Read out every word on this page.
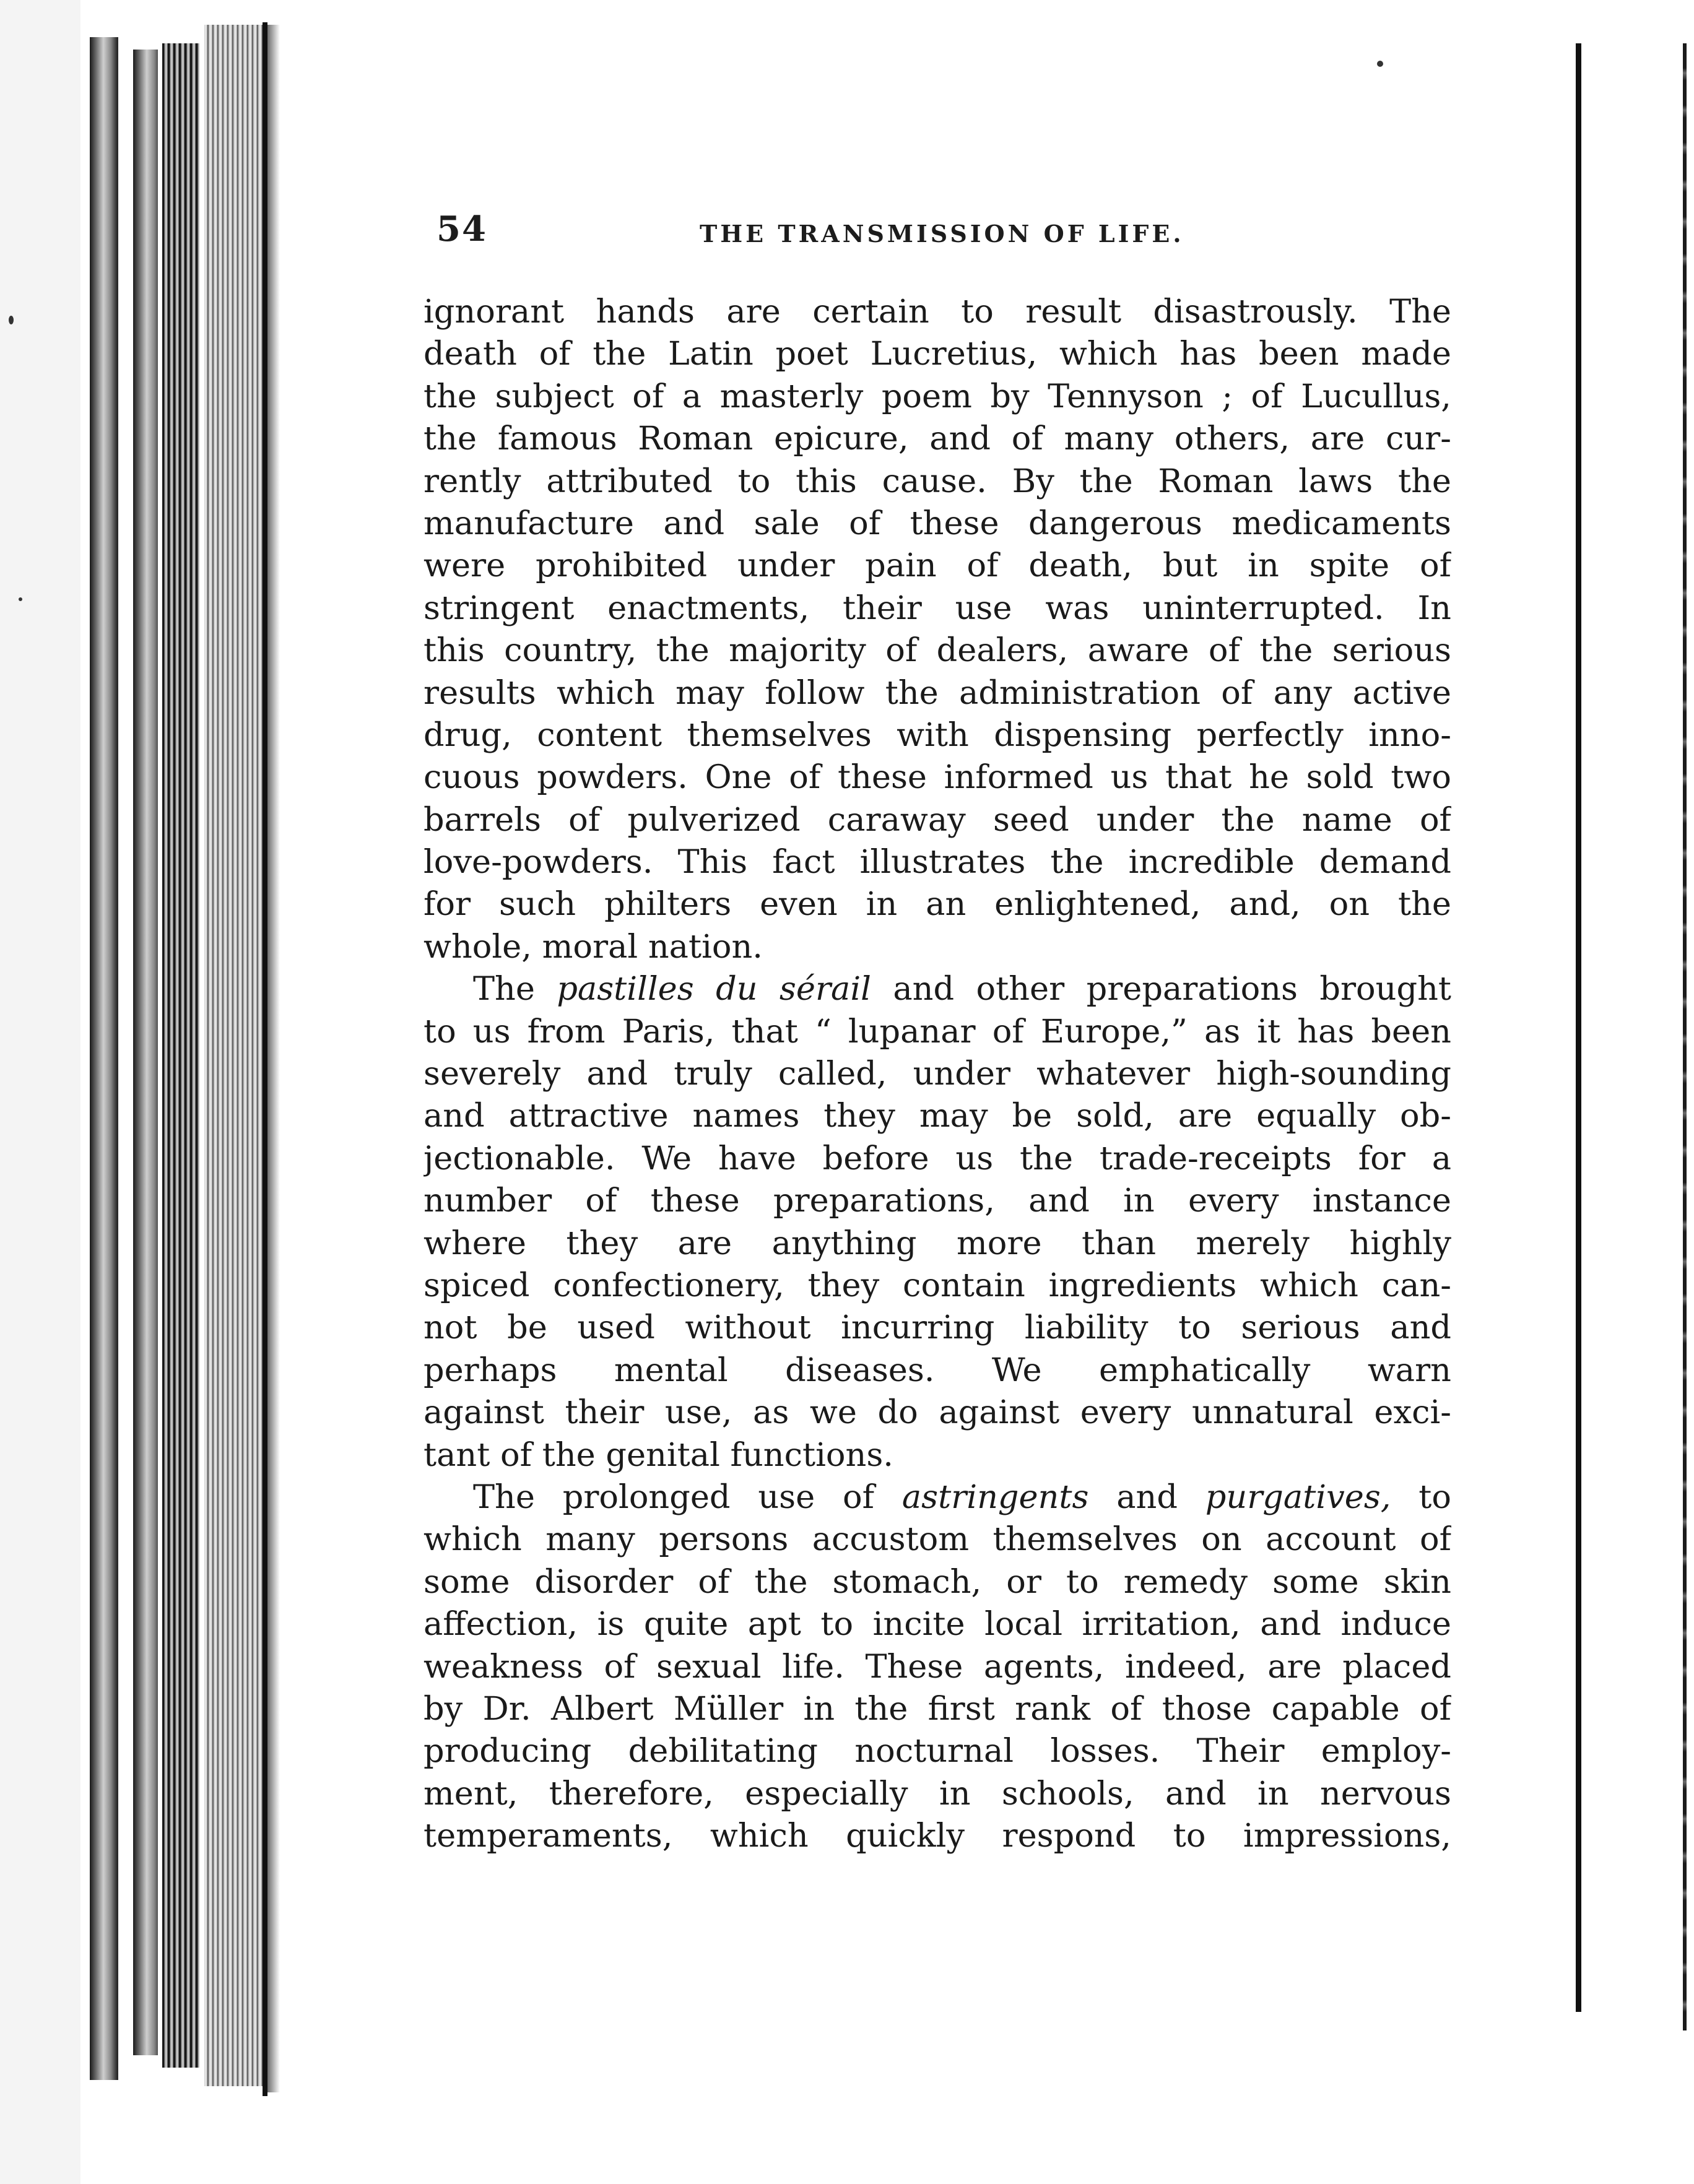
54	THE TRANSMISSION OF LIFE.
ignorant hands are certain to result disastrously. The
death of the Latin poet Lucretius, which has been made
the subject of a masterly poem by Tennyson ; of Lucullus,
the famous Roman epicure, and of many others, are cur-
rently attributed to this cause. By the Roman laws the
manufacture and sale of these dangerous medicaments
were prohibited under pain of death, but in spite of
stringent enactments, their use was uninterrupted. In
this country, the majority of dealers, aware of the serious
results which may follow the administration of any active
drug, content themselves with dispensing perfectly inno-
cuous powders. One of these informed us that he sold two
barrels of pulverized caraway seed under the name of
love-powders. This fact illustrates the incredible demand
for such philters even in an enlightened, and, on the
whole, moral nation.
The pastilles du sérail and other preparations brought
to us from Paris, that “ lupanar of Europe,” as it has been
severely and truly called, under whatever high-sounding
and attractive names they may be sold, are equally ob-
jectionable. We have before us the trade-receipts for a
number of these preparations, and in every instance
where they are anything more than merely highly
spiced confectionery, they contain ingredients which can-
not be used without incurring liability to serious and
perhaps mental diseases. We emphatically warn
against their use, as we do against every unnatural exci-
tant of the genital functions.
The prolonged use of astringents and purgatives, to
which many persons accustom themselves on account of
some disorder of the stomach, or to remedy some skin
affection, is quite apt to incite local irritation, and induce
weakness of sexual life. These agents, indeed, are placed
by Dr. Albert Müller in the first rank of those capable of
producing debilitating nocturnal losses. Their employ-
ment, therefore, especially in schools, and in nervous
temperaments, which quickly respond to impressions,
